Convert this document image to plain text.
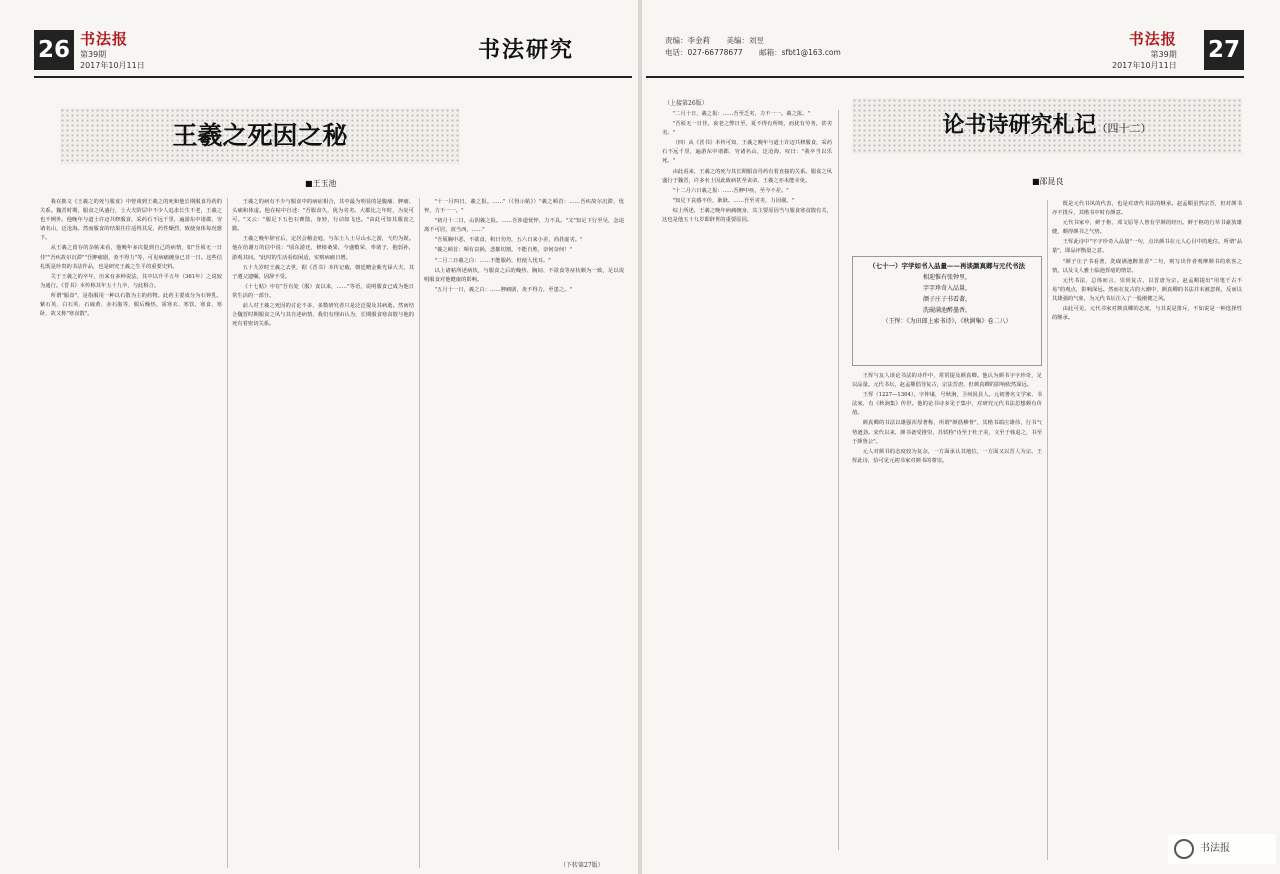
26 书法报
第39期
2017年10月11日
书法研究
王羲之死因之秘
■王玉池

我在拙文《王羲之的死与服食》中曾谈到王羲之的死和他长期服食丹药的关系。魏晋时期，服食之风盛行，士大夫阶层中不少人追求长生不老，王羲之也不例外。他晚年与道士许迈共修服食，采药石不远千里，遍游东中诸郡，穷诸名山，泛沧海。然而服食的结果往往适得其反，药性燥烈，致使身体每况愈下。

从王羲之留存的杂帖来看，他晚年多次提到自己的病情，如"吾顷无一日佳""吾疾故尔沉滞""吾胛痛剧，灸不得力"等，可见病痛缠身已非一日。这些信札既是珍贵的书法作品，也是研究王羲之生平的重要史料。

关于王羲之的卒年，历来有多种说法，其中以升平五年（361年）之说较为通行。《晋书》本传称其年五十九卒，与此相合。

所谓"服食"，是指服用一种以石散为主的药物。此药主要成分为石钟乳、紫石英、白石英、石硫黄、赤石脂等，服后燥热，需寒衣、寒饮、寒食、寒卧，故又称"寒食散"。

王羲之的病有不少与服食中的病症相合，其中最为明显的是腹痛、胛痛、头痛和体虚。他在帖中自述："吾服食久，犹为劣劣。大都比之年时，为复可可。"又云："服足下五色石膏散，身轻，行动如飞也。"由此可知其服食之勤。

王羲之晚年辞官后，定居会稽金庭，与东土人士尽山水之游，弋钓为娱。他在给谢万的信中说："顷东游还，修植桑果，今盛敷荣，率诸子，抱弱孙，游观其间。"此时的生活看似闲适，实则病痛日增。

五十九岁时王羲之去世，据《晋书》本传记载，朝廷赠金紫光禄大夫，其子遵父遗嘱，固辞不受。

《十七帖》中有"吾有处（服）食以来，……"等语，说明服食已成为他日常生活的一部分。

前人对王羲之死因的讨论不多，多数研究者只是泛泛提及其病逝。然而结合魏晋时期服食之风与其自述病情，我们有理由认为，长期服食寒食散与他的死有着密切关系。

"十一月四日，羲之报。……"（《得示帖》）"羲之顿首：……吾疾故尔沉滞，忧悴，力不一一。"

"初月十二日，山阴羲之报。……吾涉道忧悴，力不具。"又"知足下行至吴，念违离不可居，叔当西，……"

"吾顷胸中恶，不欲食，积日勿勿，五六日来小差，尚甚虚劣。"

"羲之顿首：频有哀祸，悲摧切割，不能自胜，奈何奈何！"

"二月二日羲之白：……不能服药，但使人忧耳。"

以上诸帖所述病状，与服食之后的燥热、胸闷、不欲食等症状颇为一致，足以说明服食对他健康的影响。

"五月十一日，羲之白：……胛痛剧，灸不得力，至患之。"

（下转第27版）
责编：李金莉 美编：刘昱
电话：027-66778677 邮箱：sfbt1@163.com
书法报
第39期
2017年10月11日
27
（上接第26版）

"二月十日，羲之报：……吾至乏劣，力不一一。羲之报。"

"吾顷无一日佳，衰老之弊日至，夏不得有所啖，而犹有劳务，甚劣劣。"

（四）从《晋书》本传可知，王羲之晚年与道士许迈共修服食，采药石不远千里，遍游东中诸郡，穷诸名山，泛沧海，叹曰："我卒当以乐死。"

由此看来，王羲之的死与其长期服食丹药有着直接的关系。服食之风盛行于魏晋，许多名士因此致病甚至丧命，王羲之亦未能幸免。

"十二月六日羲之报：……吾胛中疾，至今不差。"

"知足下哀感不佳，耿耿。……吾至劣劣，力因谢。"

综上所述，王羲之晚年病痛缠身，其主要原因当与服食寒食散有关，这也是他五十九岁即辞世的重要原因。

论书诗研究札记（四十二）
■邵昆良

王恽与友人谈论书法的诗作中，常常提及颜真卿。他认为颜书字字珍奇，足以品量。元代书坛，赵孟頫倡导复古，宗法晋唐，但颜真卿的影响依然深远。

王恽（1227—1304），字仲谋，号秋涧，卫州汲县人。元初著名文学家、书法家，有《秋涧集》传世。他的论书诗多见于集中，对研究元代书法思想颇有价值。

颜真卿的书法以雄强浑厚著称，所谓"颜筋柳骨"，其楷书端庄雄伟，行书气势遒劲。宋代以来，颜书备受推崇，苏轼称"诗至于杜子美，文至于韩退之，书至于颜鲁公"。

元人对颜书的态度较为复杂，一方面承认其地位，一方面又以晋人为宗。王恽此诗，恰可见元初书家对颜书的尊崇。

（七十一）字学如书入品量——再谈颜真卿与元代书法
相迎惟有张钟里，
字字珍奇入品量，
颜子庄子书看著，
洗砚满池醉墨香。
（王恽：《为田郎上索书诗》，《秋涧集》卷二八）

既是元代书风的代表，也是对唐代书法的继承。赵孟頫虽然宗晋，但对颜书亦不排斥，其楷书中时有颜意。

元代书家中，鲜于枢、邓文原等人皆有学颜的经历。鲜于枢的行草书豪放雄健，颇得颜书之气势。

王恽此诗中"字字珍奇入品量"一句，点出颜书在元人心目中的地位。所谓"品量"，即品评衡量之意。

"颜子庄子书看著，洗砚满池醉墨香"二句，则写出作者观摩颜书的欣喜之情，以及文人雅士临池挥毫的情景。

元代书法，总体而言，崇尚复古，以晋唐为宗。赵孟頫提出"用笔千古不易"的观点，影响深远。然而在复古的大潮中，颜真卿的书法并未被忽视，反而以其雄强的气象，为元代书坛注入了一股刚健之风。

由此可见，元代书家对颜真卿的态度，与其说是排斥，不如说是一种选择性的继承。

书法报
